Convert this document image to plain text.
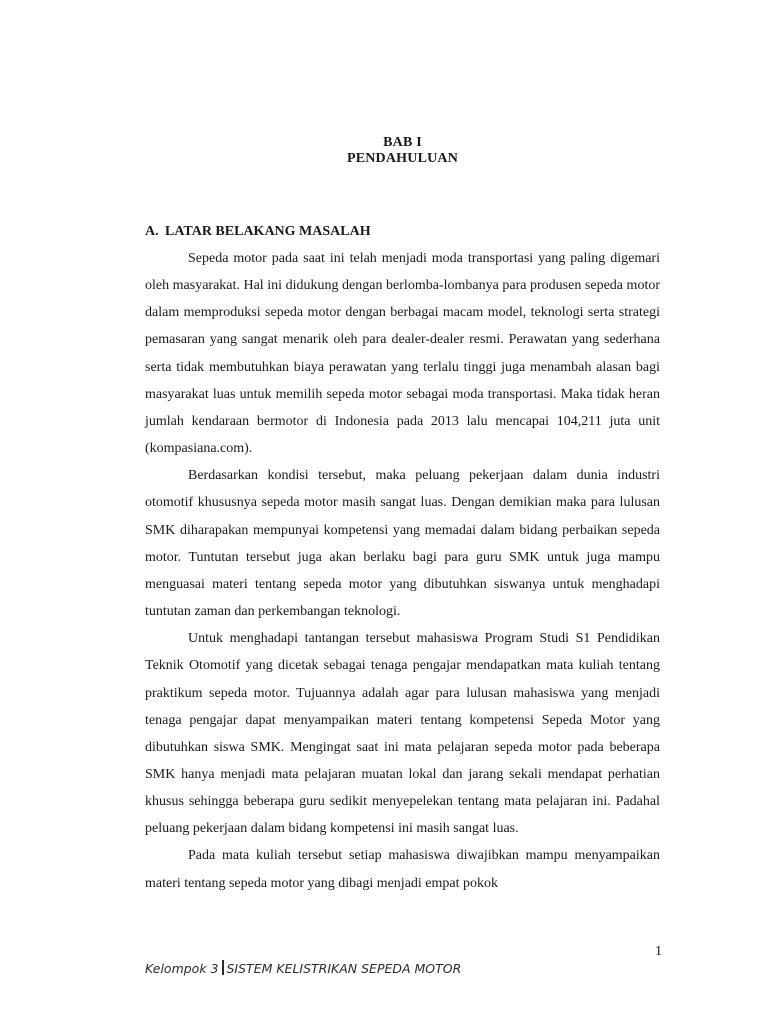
BAB I
PENDAHULUAN
A. LATAR BELAKANG MASALAH

Sepeda motor pada saat ini telah menjadi moda transportasi yang paling digemari oleh masyarakat. Hal ini didukung dengan berlomba-lombanya para produsen sepeda motor dalam memproduksi sepeda motor dengan berbagai macam model, teknologi serta strategi pemasaran yang sangat menarik oleh para dealer-dealer resmi. Perawatan yang sederhana serta tidak membutuhkan biaya perawatan yang terlalu tinggi juga menambah alasan bagi masyarakat luas untuk memilih sepeda motor sebagai moda transportasi. Maka tidak heran jumlah kendaraan bermotor di Indonesia pada 2013 lalu mencapai 104,211 juta unit (kompasiana.com).

Berdasarkan kondisi tersebut, maka peluang pekerjaan dalam dunia industri otomotif khususnya sepeda motor masih sangat luas. Dengan demikian maka para lulusan SMK diharapakan mempunyai kompetensi yang memadai dalam bidang perbaikan sepeda motor. Tuntutan tersebut juga akan berlaku bagi para guru SMK untuk juga mampu menguasai materi tentang sepeda motor yang dibutuhkan siswanya untuk menghadapi tuntutan zaman dan perkembangan teknologi.

Untuk menghadapi tantangan tersebut mahasiswa Program Studi S1 Pendidikan Teknik Otomotif yang dicetak sebagai tenaga pengajar mendapatkan mata kuliah tentang praktikum sepeda motor. Tujuannya adalah agar para lulusan mahasiswa yang menjadi tenaga pengajar dapat menyampaikan materi tentang kompetensi Sepeda Motor yang dibutuhkan siswa SMK. Mengingat saat ini mata pelajaran sepeda motor pada beberapa SMK hanya menjadi mata pelajaran muatan lokal dan jarang sekali mendapat perhatian khusus sehingga beberapa guru sedikit menyepelekan tentang mata pelajaran ini. Padahal peluang pekerjaan dalam bidang kompetensi ini masih sangat luas.

Pada mata kuliah tersebut setiap mahasiswa diwajibkan mampu menyampaikan materi tentang sepeda motor yang dibagi menjadi empat pokok

1
Kelompok 3 SISTEM KELISTRIKAN SEPEDA MOTOR
